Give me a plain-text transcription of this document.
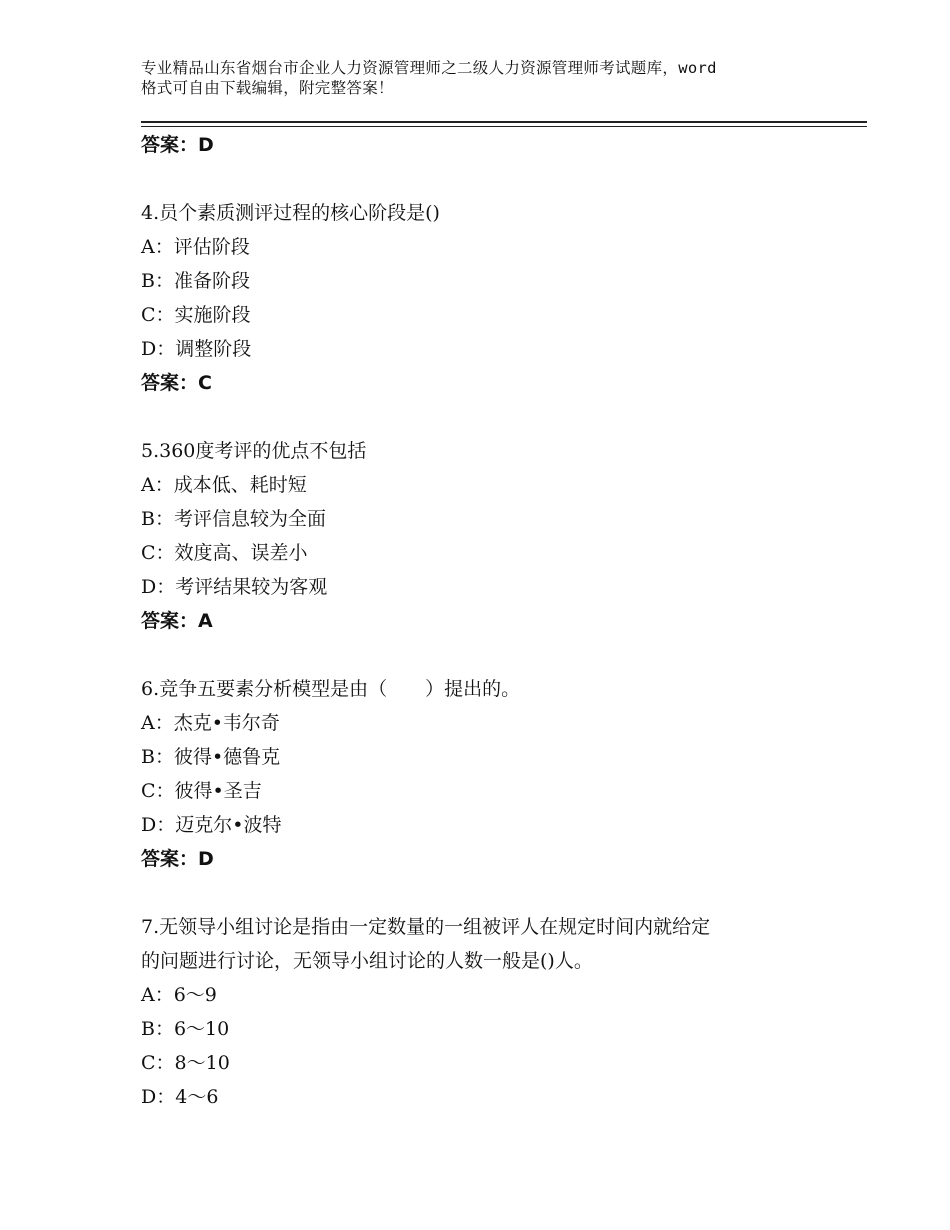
专业精品山东省烟台市企业人力资源管理师之二级人力资源管理师考试题库，word
格式可自由下载编辑，附完整答案！
答案：D
4.员个素质测评过程的核心阶段是()
A：评估阶段
B：准备阶段
C：实施阶段
D：调整阶段
答案：C
5.360度考评的优点不包括
A：成本低、耗时短
B：考评信息较为全面
C：效度高、误差小
D：考评结果较为客观
答案：A
6.竞争五要素分析模型是由（　　）提出的。
A：杰克•韦尔奇
B：彼得•德鲁克
C：彼得•圣吉
D：迈克尔•波特
答案：D
7.无领导小组讨论是指由一定数量的一组被评人在规定时间内就给定
的问题进行讨论，无领导小组讨论的人数一般是()人。
A：6～9
B：6～10
C：8～10
D：4～6
